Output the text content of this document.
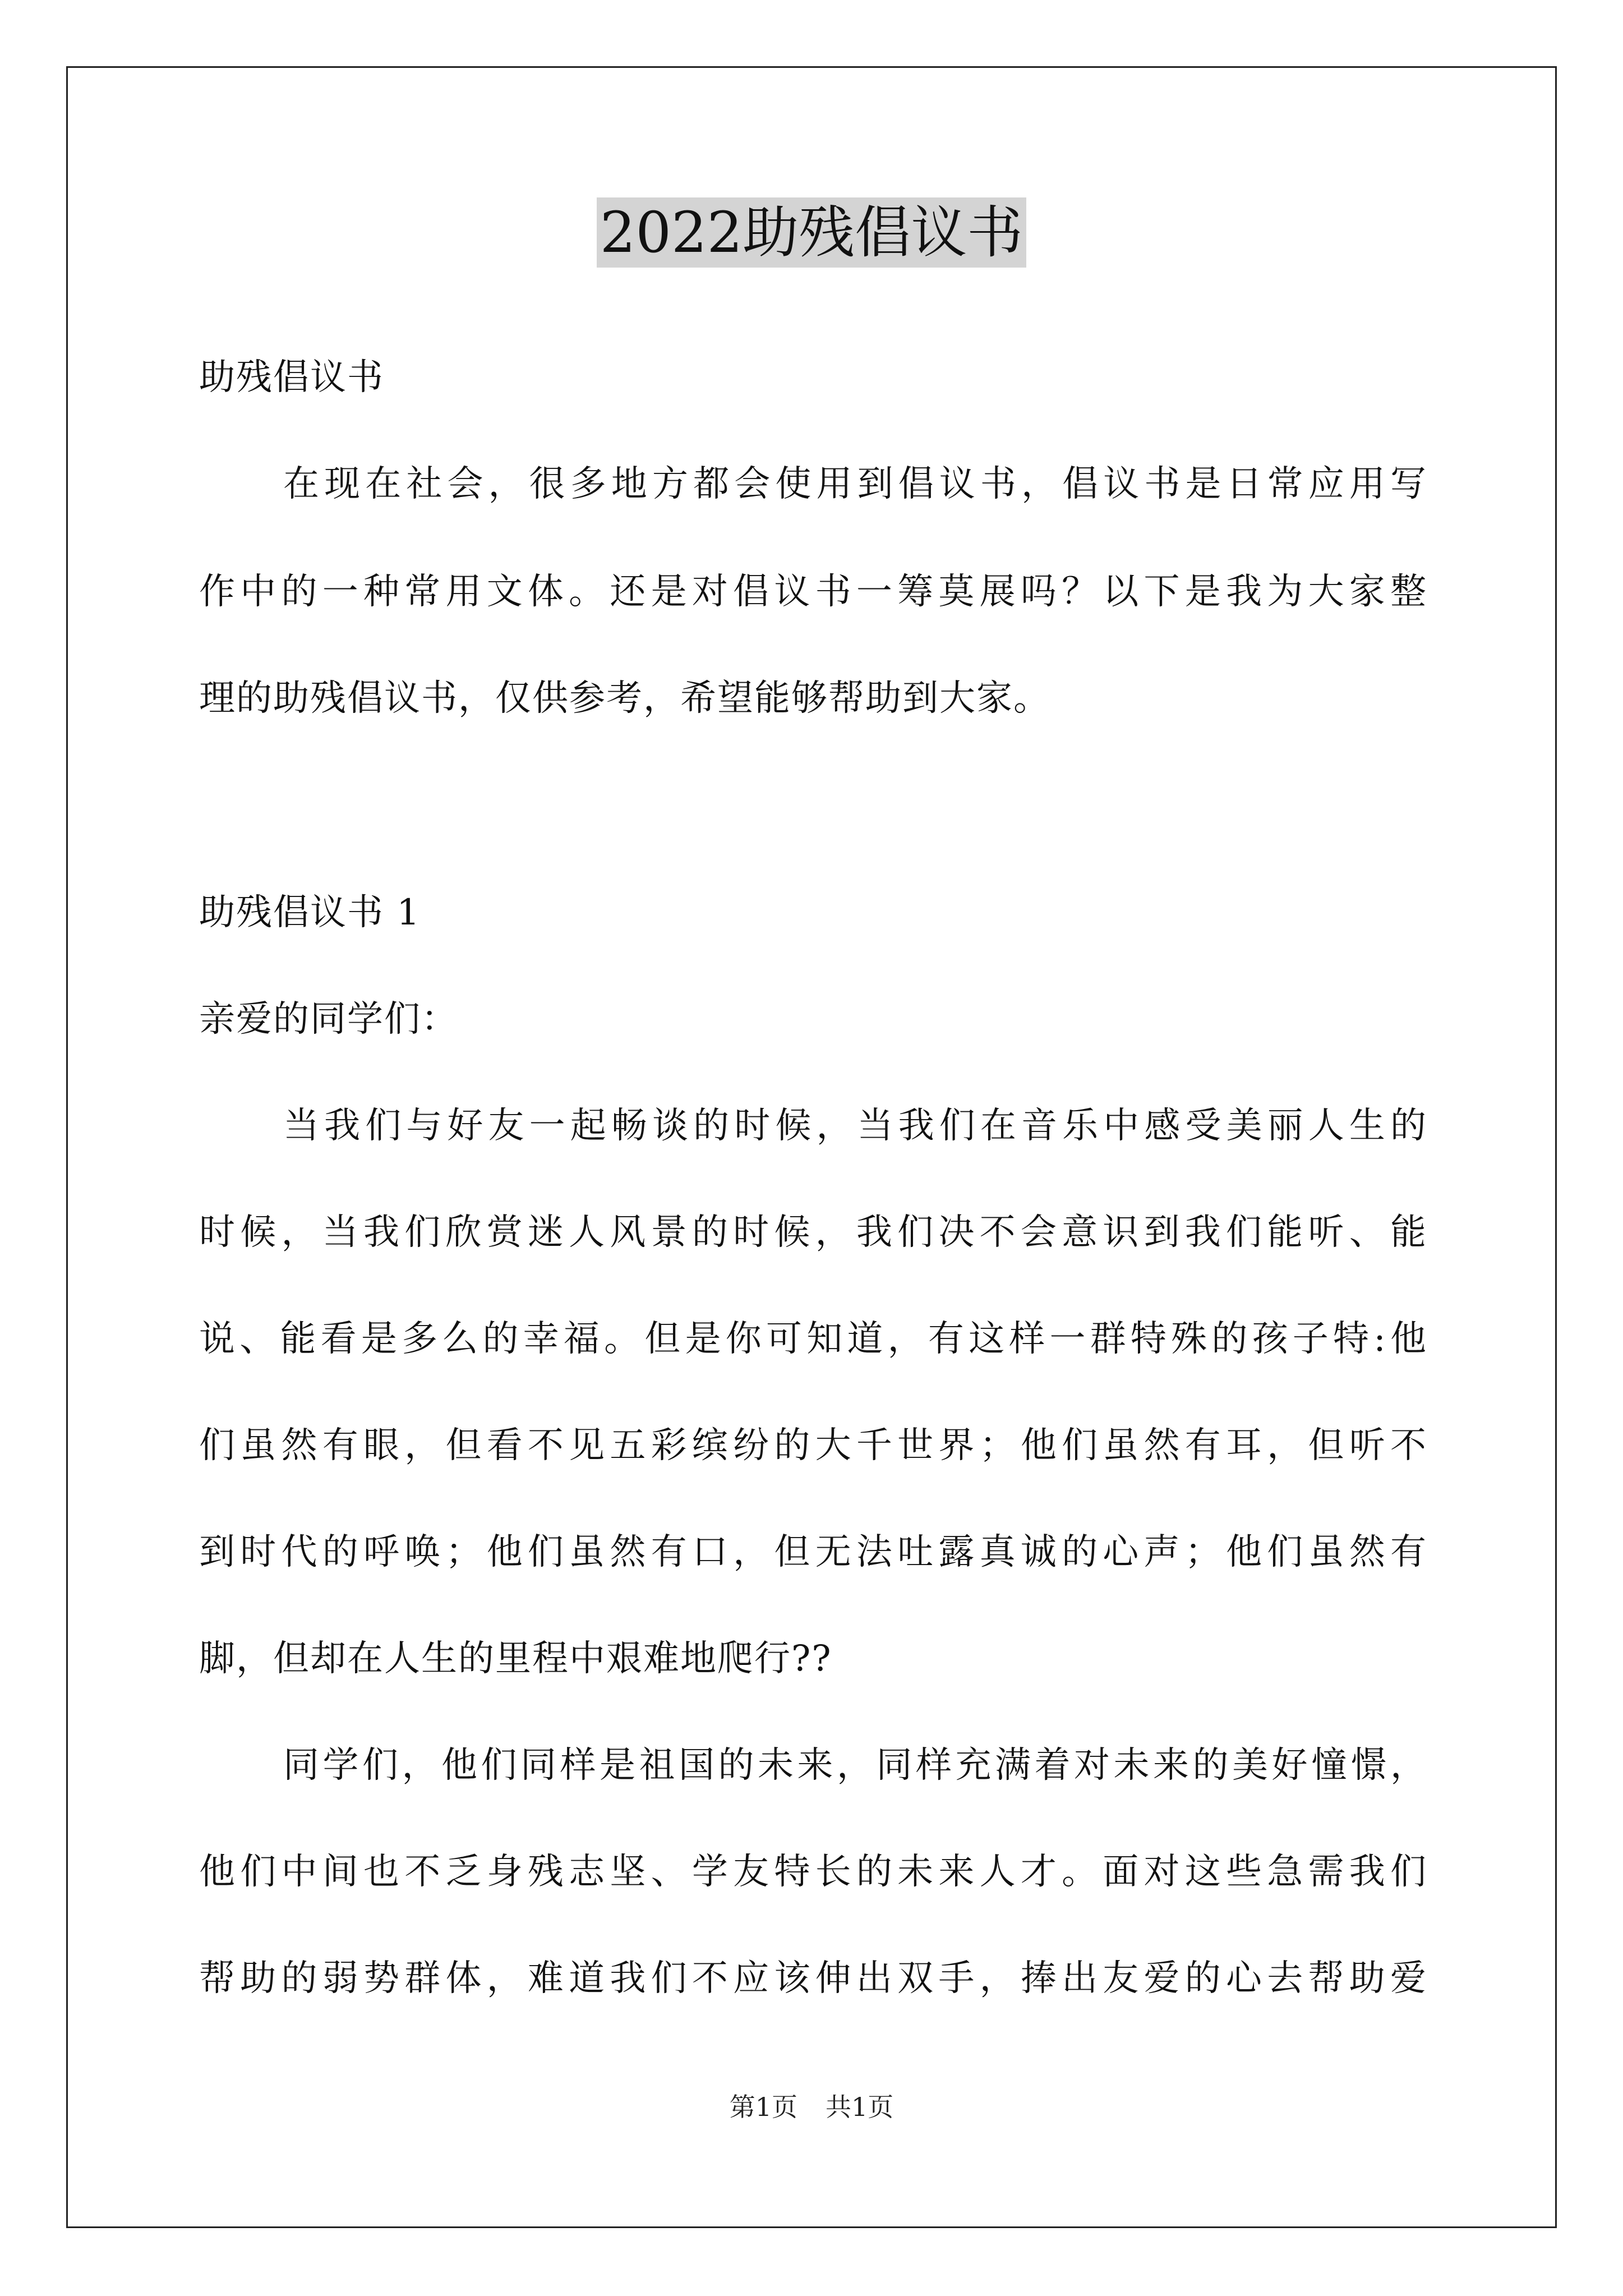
2022助残倡议书
助残倡议书
在现在社会，很多地方都会使用到倡议书，倡议书是日常应用写
作中的一种常用文体。还是对倡议书一筹莫展吗？以下是我为大家整
理的助残倡议书，仅供参考，希望能够帮助到大家。
助残倡议书 1
亲爱的同学们：
当我们与好友一起畅谈的时候，当我们在音乐中感受美丽人生的
时候，当我们欣赏迷人风景的时候，我们决不会意识到我们能听、能
说、能看是多么的幸福。但是你可知道，有这样一群特殊的孩子特:他
们虽然有眼，但看不见五彩缤纷的大千世界；他们虽然有耳，但听不
到时代的呼唤；他们虽然有口，但无法吐露真诚的心声；他们虽然有
脚，但却在人生的里程中艰难地爬行??
同学们，他们同样是祖国的未来，同样充满着对未来的美好憧憬，
他们中间也不乏身残志坚、学友特长的未来人才。面对这些急需我们
帮助的弱势群体，难道我们不应该伸出双手，捧出友爱的心去帮助爱
第1页 共1页
